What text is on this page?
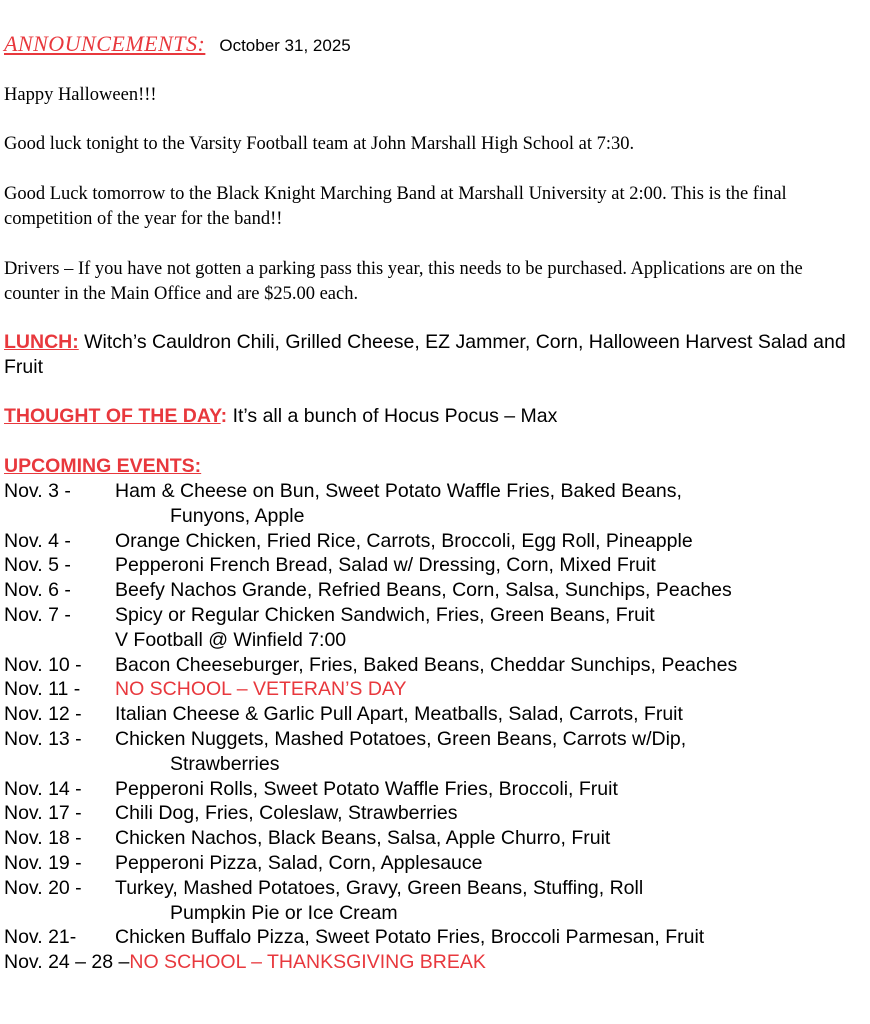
ANNOUNCEMENTS: October 31, 2025
Happy Halloween!!!
Good luck tonight to the Varsity Football team at John Marshall High School at 7:30.
Good Luck tomorrow to the Black Knight Marching Band at Marshall University at 2:00. This is the final competition of the year for the band!!
Drivers – If you have not gotten a parking pass this year, this needs to be purchased. Applications are on the counter in the Main Office and are $25.00 each.
LUNCH: Witch’s Cauldron Chili, Grilled Cheese, EZ Jammer, Corn, Halloween Harvest Salad and Fruit
THOUGHT OF THE DAY: It’s all a bunch of Hocus Pocus – Max
UPCOMING EVENTS:
Nov. 3 -	Ham & Cheese on Bun, Sweet Potato Waffle Fries, Baked Beans,
Funyons, Apple
Nov. 4 -	Orange Chicken, Fried Rice, Carrots, Broccoli, Egg Roll, Pineapple
Nov. 5 -	Pepperoni French Bread, Salad w/ Dressing, Corn, Mixed Fruit
Nov. 6 -	Beefy Nachos Grande, Refried Beans, Corn, Salsa, Sunchips, Peaches
Nov. 7 -	Spicy or Regular Chicken Sandwich, Fries, Green Beans, Fruit
V Football @ Winfield 7:00
Nov. 10 -	Bacon Cheeseburger, Fries, Baked Beans, Cheddar Sunchips, Peaches
Nov. 11 -	NO SCHOOL – VETERAN’S DAY
Nov. 12 -	Italian Cheese & Garlic Pull Apart, Meatballs, Salad, Carrots, Fruit
Nov. 13 -	Chicken Nuggets, Mashed Potatoes, Green Beans, Carrots w/Dip,
Strawberries
Nov. 14 -	Pepperoni Rolls, Sweet Potato Waffle Fries, Broccoli, Fruit
Nov. 17 -	Chili Dog, Fries, Coleslaw, Strawberries
Nov. 18 -	Chicken Nachos, Black Beans, Salsa, Apple Churro, Fruit
Nov. 19 -	Pepperoni Pizza, Salad, Corn, Applesauce
Nov. 20 -	Turkey, Mashed Potatoes, Gravy, Green Beans, Stuffing, Roll
Pumpkin Pie or Ice Cream
Nov. 21-	Chicken Buffalo Pizza, Sweet Potato Fries, Broccoli Parmesan, Fruit
Nov. 24 – 28 – NO SCHOOL – THANKSGIVING BREAK
